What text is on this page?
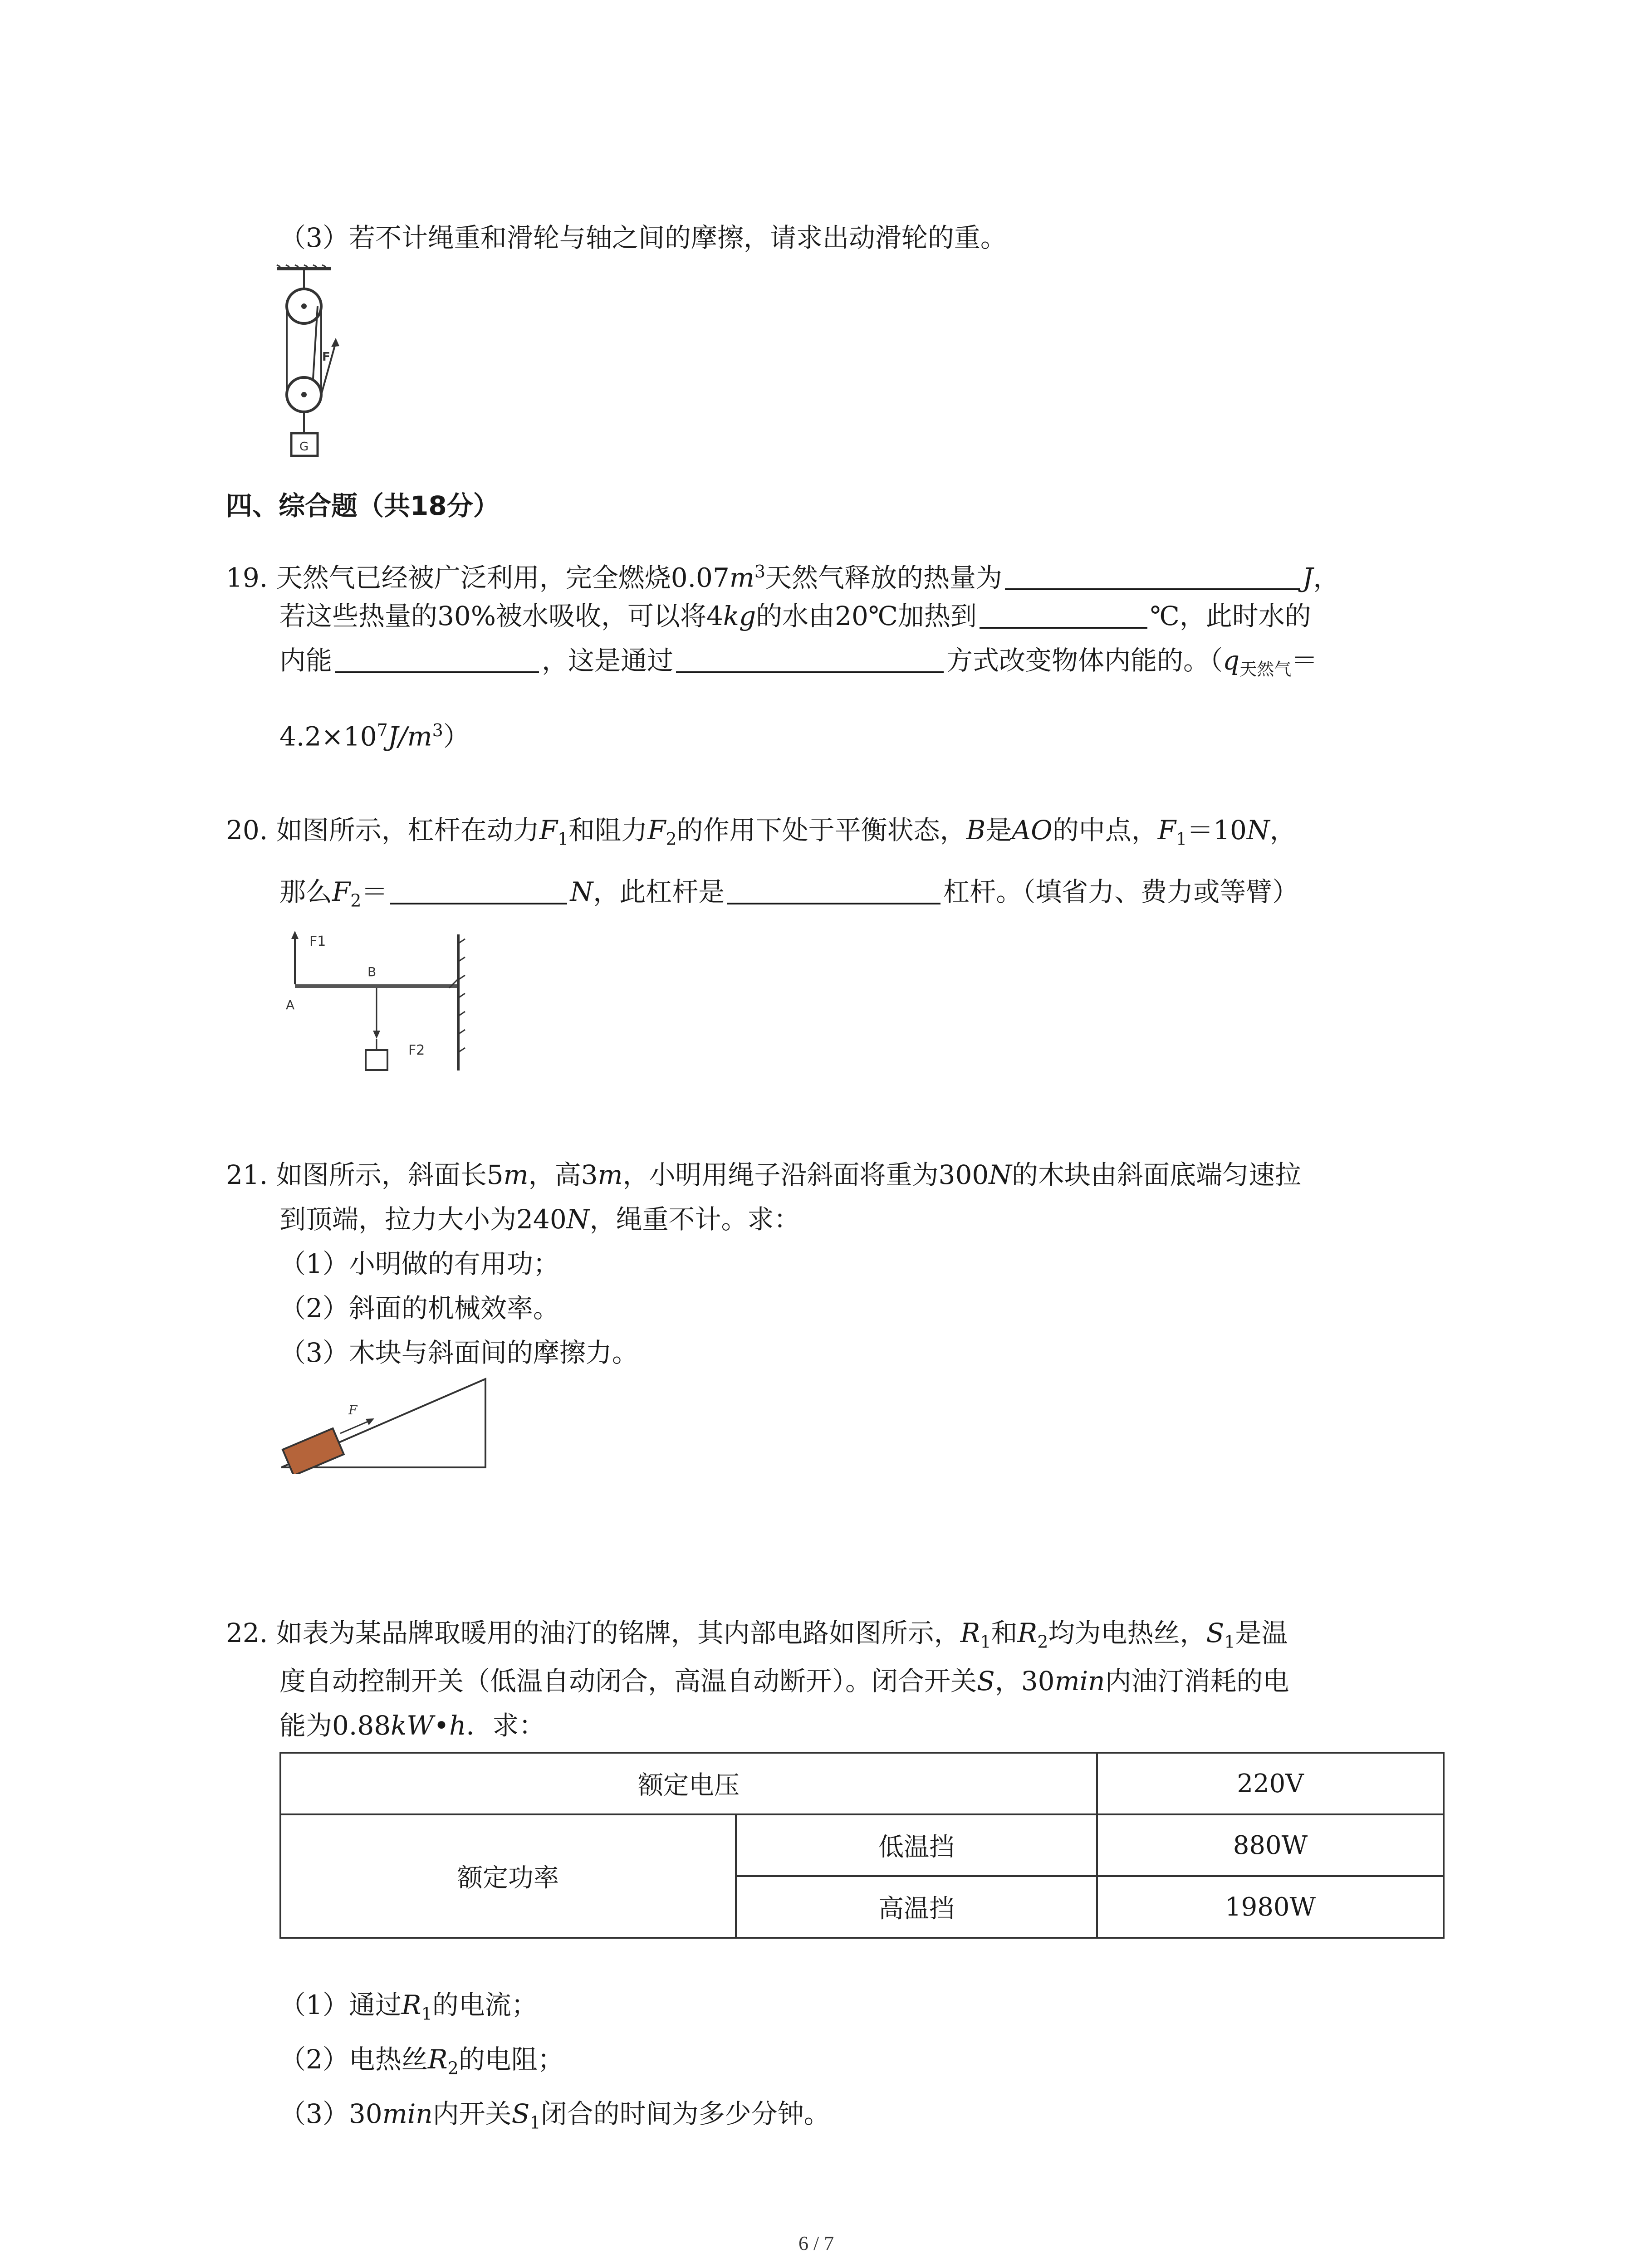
（3）若不计绳重和滑轮与轴之间的摩擦，请求出动滑轮的重。
F
G
四、综合题（共18分）
19. 天然气已经被广泛利用，完全燃烧$0.07m^3$天然气释放的热量为	J，
若这些热量的30%被水吸收，可以将4kg的水由20℃加热到	℃，此时水的
内能	，这是通过	方式改变物体内能的。（$q_{天然气}=$
$4.2\times 10^7J/m^3$）
20. 如图所示，杠杆在动力$F_1$和阻力$F_2$的作用下处于平衡状态，B是AO的中点，$F_1=10N$，
那么$F_2=$	N，此杠杆是	杠杆。（填省力、费力或等臂）
F1
B
A
F2
21. 如图所示，斜面长5m，高3m，小明用绳子沿斜面将重为300N的木块由斜面底端匀速拉
到顶端，拉力大小为240N，绳重不计。求：
（1）小明做的有用功；
（2）斜面的机械效率。
（3）木块与斜面间的摩擦力。
F
22. 如表为某品牌取暖用的油汀的铭牌，其内部电路如图所示，$R_1$和$R_2$均为电热丝，$S_1$是温
度自动控制开关（低温自动闭合，高温自动断开）。闭合开关S，30min内油汀消耗的电
能为0.88kW•h．求：
额定电压		220V
额定功率	低温挡	880W
	高温挡	1980W
（1）通过$R_1$的电流；
（2）电热丝$R_2$的电阻；
（3）30min内开关$S_1$闭合的时间为多少分钟。
6 / 7
